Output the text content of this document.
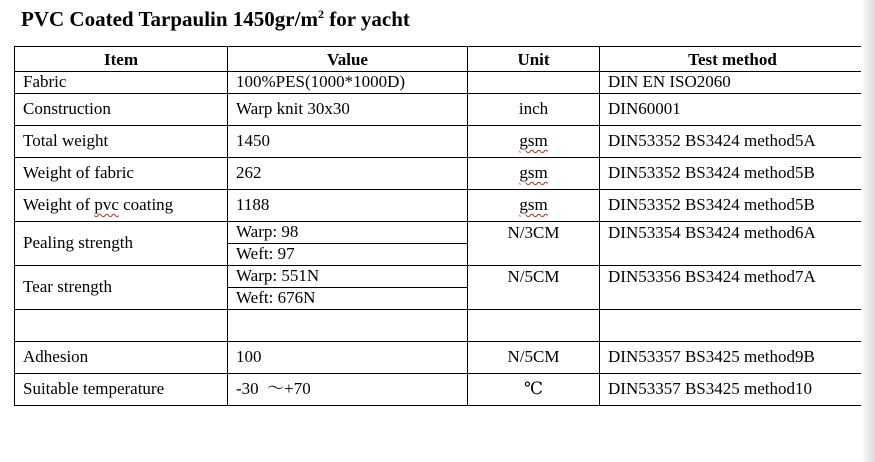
PVC Coated Tarpaulin $1450gr/m^2$ for yacht
Item	Value	Unit	Test method
Fabric	100%PES(1000*1000D)		DIN EN ISO2060
Construction	Warp knit 30x30	inch	DIN60001
Total weight	1450	gsm	DIN53352 BS3424 method5A
Weight of fabric	262	gsm	DIN53352 BS3424 method5B
Weight of pvc coating	1188	gsm	DIN53352 BS3424 method5B
Pealing strength	Warp: 98	N/3CM	DIN53354 BS3424 method6A
	Weft: 97		
Tear strength	Warp: 551N	N/5CM	DIN53356 BS3424 method7A
	Weft: 676N		

Adhesion	100	N/5CM	DIN53357 BS3425 method9B
Suitable temperature	-30  ～+70	℃	DIN53357 BS3425 method10
